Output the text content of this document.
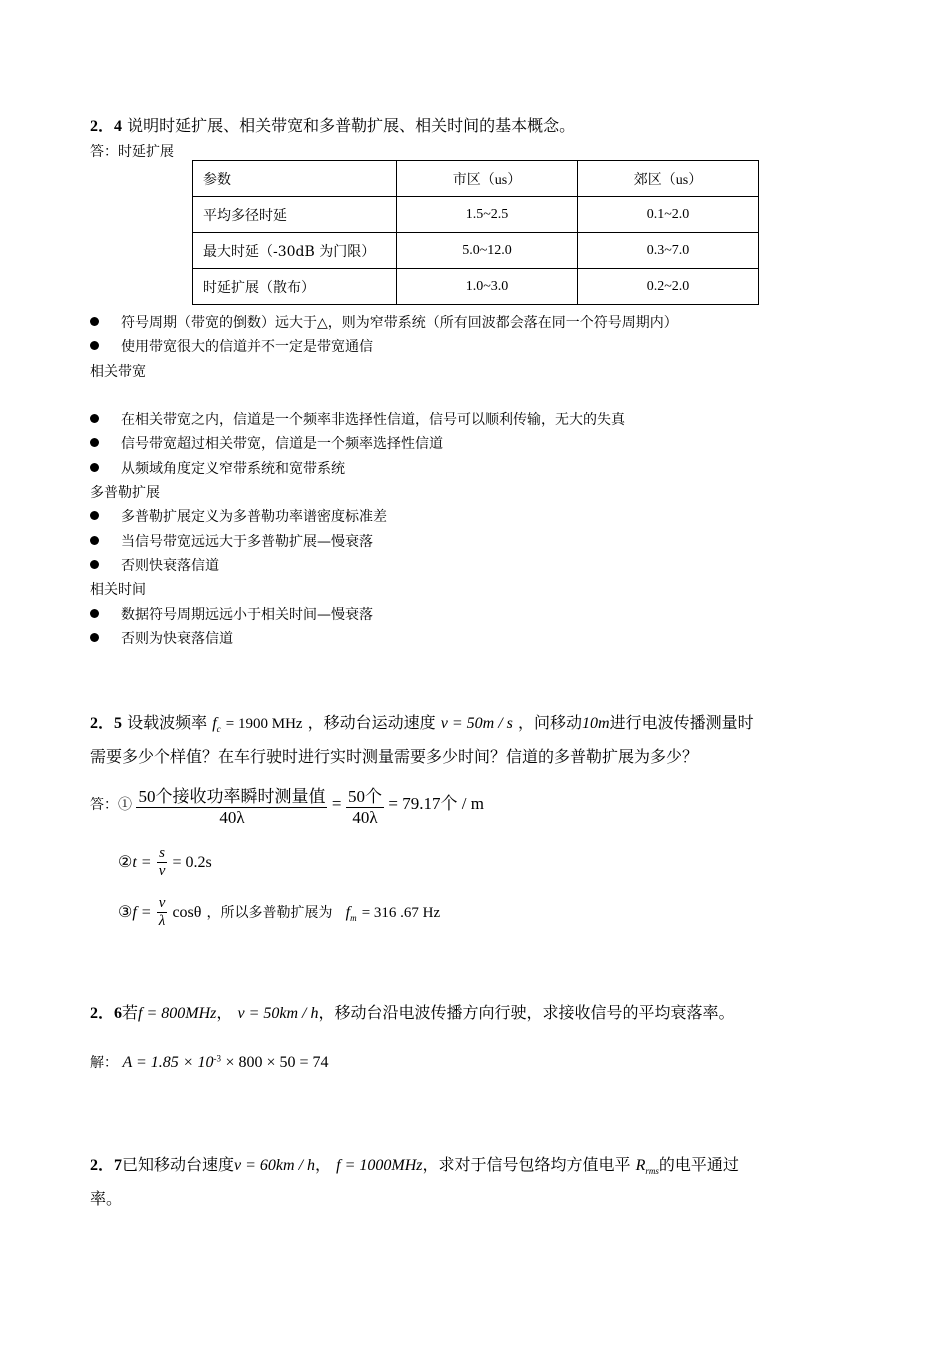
2．4 说明时延扩展、相关带宽和多普勒扩展、相关时间的基本概念。
答：时延扩展
参数	市区（us）	郊区（us）
平均多径时延	1.5~2.5	0.1~2.0
最大时延（-30dB 为门限）	5.0~12.0	0.3~7.0
时延扩展（散布）	1.0~3.0	0.2~2.0
符号周期（带宽的倒数）远大于△，则为窄带系统（所有回波都会落在同一个符号周期内）
使用带宽很大的信道并不一定是带宽通信
相关带宽
在相关带宽之内，信道是一个频率非选择性信道，信号可以顺利传输，无大的失真
信号带宽超过相关带宽，信道是一个频率选择性信道
从频域角度定义窄带系统和宽带系统
多普勒扩展
多普勒扩展定义为多普勒功率谱密度标准差
当信号带宽远远大于多普勒扩展—慢衰落
否则快衰落信道
相关时间
数据符号周期远远小于相关时间—慢衰落
否则为快衰落信道
2．5 设载波频率 $f_c = 1900$ MHz ，移动台运动速度 v = 50m / s ，问移动10m进行电波传播测量时
需要多少个样值？在车行驶时进行实时测量需要多少时间？信道的多普勒扩展为多少？
答：① $\frac{\text{50个接收功率瞬时测量值}}{40\lambda} = \frac{\text{50个}}{40\lambda} = 79.17$个 / m
②t = $\frac{s}{v} = 0.2s$
③f = $\frac{v}{\lambda}$ cosθ ，所以多普勒扩展为 $f_m = 316$ .67 Hz
2．6若f = 800MHz， v = 50km / h，移动台沿电波传播方向行驶，求接收信号的平均衰落率。
解： $A = 1.85 \times 10^{-3} \times 800 \times 50 = 74$
2．7已知移动台速度v = 60km / h， f = 1000MHz，求对于信号包络均方值电平 $R_{rms}$的电平通过
率。
